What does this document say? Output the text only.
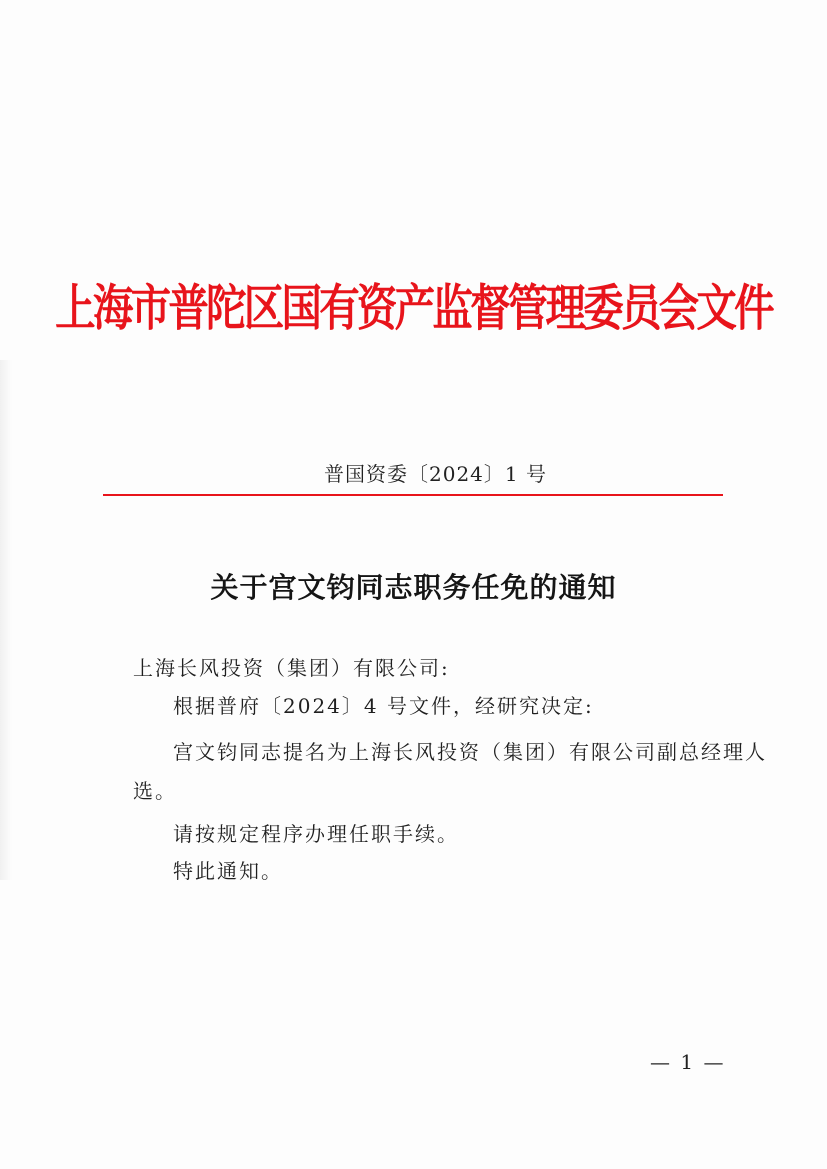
上海市普陀区国有资产监督管理委员会文件
普国资委〔2024〕1 号
关于宫文钧同志职务任免的通知
上海长风投资（集团）有限公司:
根据普府〔2024〕4 号文件，经研究决定:
宫文钧同志提名为上海长风投资（集团）有限公司副总经理人
选。
请按规定程序办理任职手续。
特此通知。
— 1 —
